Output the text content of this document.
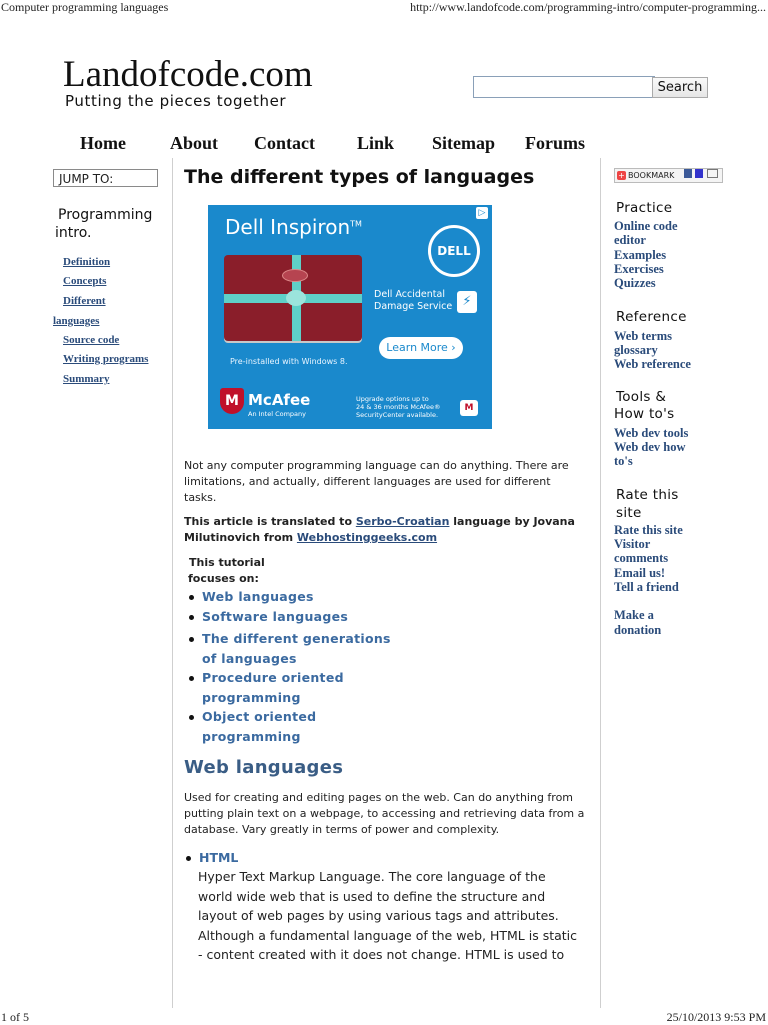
Computer programming languages	http://www.landofcode.com/programming-intro/computer-programming...
1 of 5	25/10/2013 9:53 PM
Landofcode.com
Putting the pieces together
Search
Home About Contact Link Sitemap Forums
JUMP TO:
Programming
intro.
Definition
Concepts
Different
languages
Source code
Writing programs
Summary
The different types of languages
▷
Dell Inspiron™
DELL
Dell Accidental
Damage Service ⚡
Learn More ›
Pre-installed with Windows 8.
M McAfee
An Intel Company
Upgrade options up to
24 & 36 months McAfee®
SecurityCenter available.
M
Not any computer programming language can do anything. There are limitations, and actually, different languages are used for different tasks.
This article is translated to Serbo-Croatian language by Jovana Milutinovich from Webhostinggeeks.com
This tutorial
focuses on:
Web languages
Software languages
The different generations
of languages
Procedure oriented
programming
Object oriented
programming
Web languages
Used for creating and editing pages on the web. Can do anything from putting plain text on a webpage, to accessing and retrieving data from a database. Vary greatly in terms of power and complexity.
HTML
Hyper Text Markup Language. The core language of the
world wide web that is used to define the structure and
layout of web pages by using various tags and attributes.
Although a fundamental language of the web, HTML is static
- content created with it does not change. HTML is used to
+ BOOKMARK
Practice
Online code
editor
Examples
Exercises
Quizzes
Reference
Web terms
glossary
Web reference
Tools &
How to's
Web dev tools
Web dev how
to's
Rate this
site
Rate this site
Visitor
comments
Email us!
Tell a friend
Make a
donation
